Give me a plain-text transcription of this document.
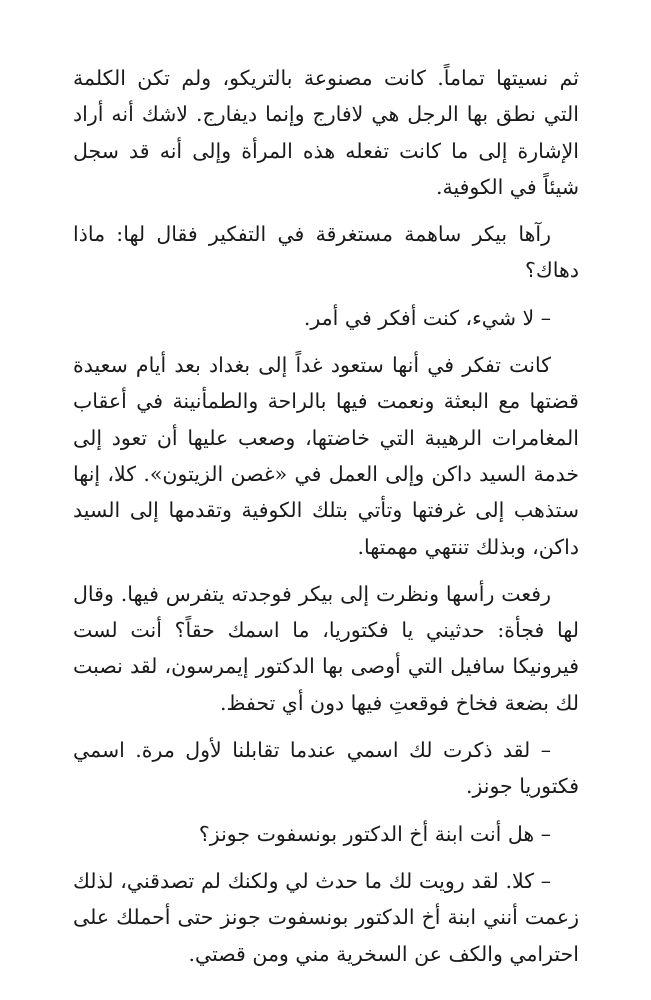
ثم نسيتها تماماً. كانت مصنوعة بالتريكو، ولم تكن الكلمة التي نطق بها الرجل هي لافارج وإنما ديفارج. لاشك أنه أراد الإشارة إلى ما كانت تفعله هذه المرأة وإلى أنه قد سجل شيئاً في الكوفية.

رآها بيكر ساهمة مستغرقة في التفكير فقال لها: ماذا دهاك؟

– لا شيء، كنت أفكر في أمر.

كانت تفكر في أنها ستعود غداً إلى بغداد بعد أيام سعيدة قضتها مع البعثة ونعمت فيها بالراحة والطمأنينة في أعقاب المغامرات الرهيبة التي خاضتها، وصعب عليها أن تعود إلى خدمة السيد داكن وإلى العمل في «غصن الزيتون». كلا، إنها ستذهب إلى غرفتها وتأتي بتلك الكوفية وتقدمها إلى السيد داكن، وبذلك تنتهي مهمتها.

رفعت رأسها ونظرت إلى بيكر فوجدته يتفرس فيها. وقال لها فجأة: حدثيني يا فكتوريا، ما اسمك حقاً؟ أنت لست فيرونيكا سافيل التي أوصى بها الدكتور إيمرسون، لقد نصبت لك بضعة فخاخ فوقعتِ فيها دون أي تحفظ.

– لقد ذكرت لك اسمي عندما تقابلنا لأول مرة. اسمي فكتوريا جونز.

– هل أنت ابنة أخ الدكتور بونسفوت جونز؟

– كلا. لقد رويت لك ما حدث لي ولكنك لم تصدقني، لذلك زعمت أنني ابنة أخ الدكتور بونسفوت جونز حتى أحملك على احترامي والكف عن السخرية مني ومن قصتي.
